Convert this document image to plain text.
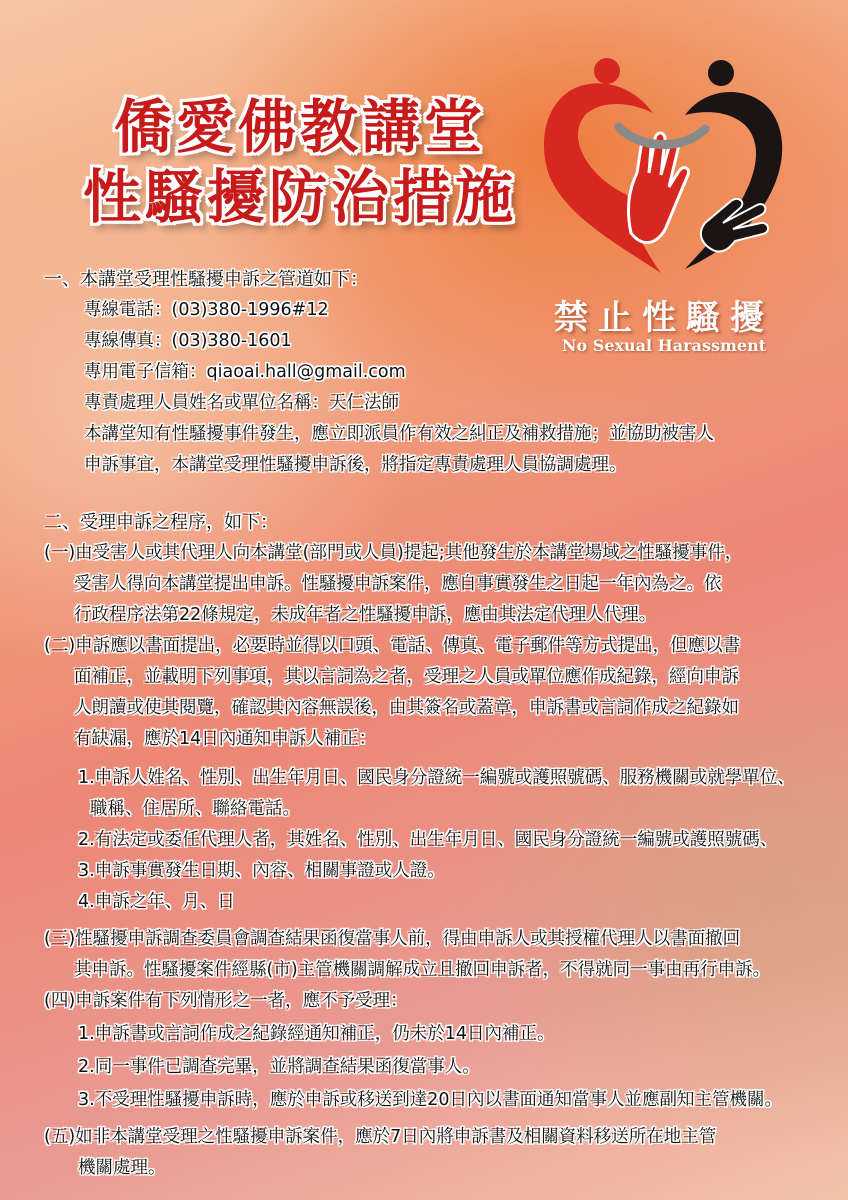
僑愛佛教講堂
性騷擾防治措施
禁止性騷擾
No Sexual Harassment
一、本講堂受理性騷擾申訴之管道如下：
專線電話：(03)380-1996#12
專線傳真：(03)380-1601
專用電子信箱：qiaoai.hall@gmail.com
專責處理人員姓名或單位名稱：天仁法師
本講堂知有性騷擾事件發生，應立即派員作有效之糾正及補救措施；並協助被害人
申訴事宜，本講堂受理性騷擾申訴後，將指定專責處理人員協調處理。
二、受理申訴之程序，如下：
(一)由受害人或其代理人向本講堂(部門或人員)提起;其他發生於本講堂場域之性騷擾事件，
受害人得向本講堂提出申訴。性騷擾申訴案件，應自事實發生之日起一年內為之。依
行政程序法第22條規定，未成年者之性騷擾申訴，應由其法定代理人代理。
(二)申訴應以書面提出，必要時並得以口頭、電話、傳真、電子郵件等方式提出，但應以書
面補正，並載明下列事項，其以言詞為之者，受理之人員或單位應作成紀錄，經向申訴
人朗讀或使其閱覽，確認其內容無誤後，由其簽名或蓋章，申訴書或言詞作成之紀錄如
有缺漏，應於14日內通知申訴人補正：
1.申訴人姓名、性別、出生年月日、國民身分證統一編號或護照號碼、服務機關或就學單位、
職稱、住居所、聯絡電話。
2.有法定或委任代理人者，其姓名、性別、出生年月日、國民身分證統一編號或護照號碼、
3.申訴事實發生日期、內容、相關事證或人證。
4.申訴之年、月、日
(三)性騷擾申訴調查委員會調查結果函復當事人前，得由申訴人或其授權代理人以書面撤回
其申訴。性騷擾案件經縣(市)主管機關調解成立且撤回申訴者，不得就同一事由再行申訴。
(四)申訴案件有下列情形之一者，應不予受理：
1.申訴書或言詞作成之紀錄經通知補正，仍未於14日內補正。
2.同一事件已調查完畢，並將調查結果函復當事人。
3.不受理性騷擾申訴時，應於申訴或移送到達20日內以書面通知當事人並應副知主管機關。
(五)如非本講堂受理之性騷擾申訴案件，應於7日內將申訴書及相關資料移送所在地主管
機關處理。
